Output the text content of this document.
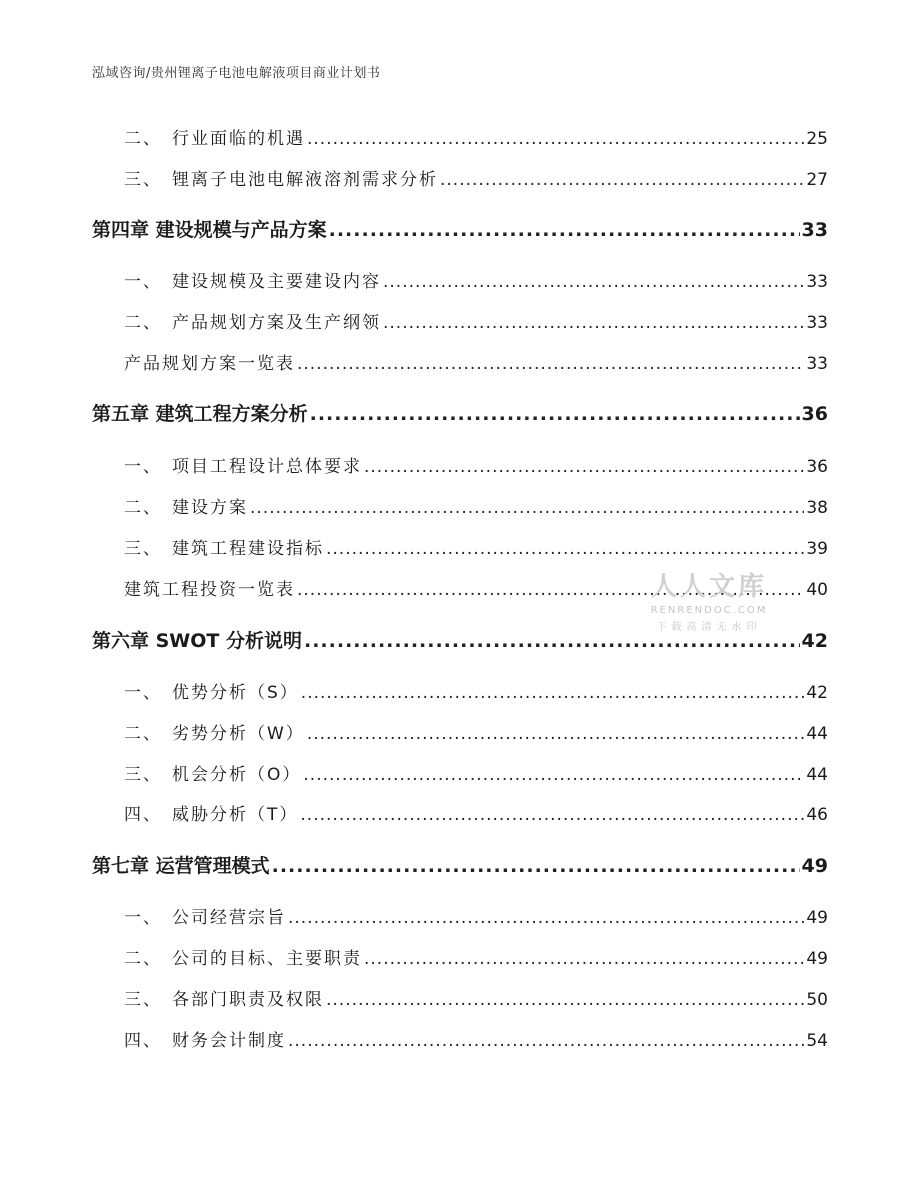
泓域咨询/贵州锂离子电池电解液项目商业计划书
二、 行业面临的机遇 .....	25
三、 锂离子电池电解液溶剂需求分析 .....	27
第四章 建设规模与产品方案 .....	33
一、 建设规模及主要建设内容 .....	33
二、 产品规划方案及生产纲领 .....	33
产品规划方案一览表 .....	33
第五章 建筑工程方案分析 .....	36
一、 项目工程设计总体要求 .....	36
二、 建设方案 .....	38
三、 建筑工程建设指标 .....	39
建筑工程投资一览表 .....	40
第六章 SWOT 分析说明 .....	42
一、 优势分析（S） .....	42
二、 劣势分析（W） .....	44
三、 机会分析（O） .....	44
四、 威胁分析（T） .....	46
第七章 运营管理模式 .....	49
一、 公司经营宗旨 .....	49
二、 公司的目标、主要职责 .....	49
三、 各部门职责及权限 .....	50
四、 财务会计制度 .....	54
人人文库
RENRENDOC.COM
下载高清无水印
